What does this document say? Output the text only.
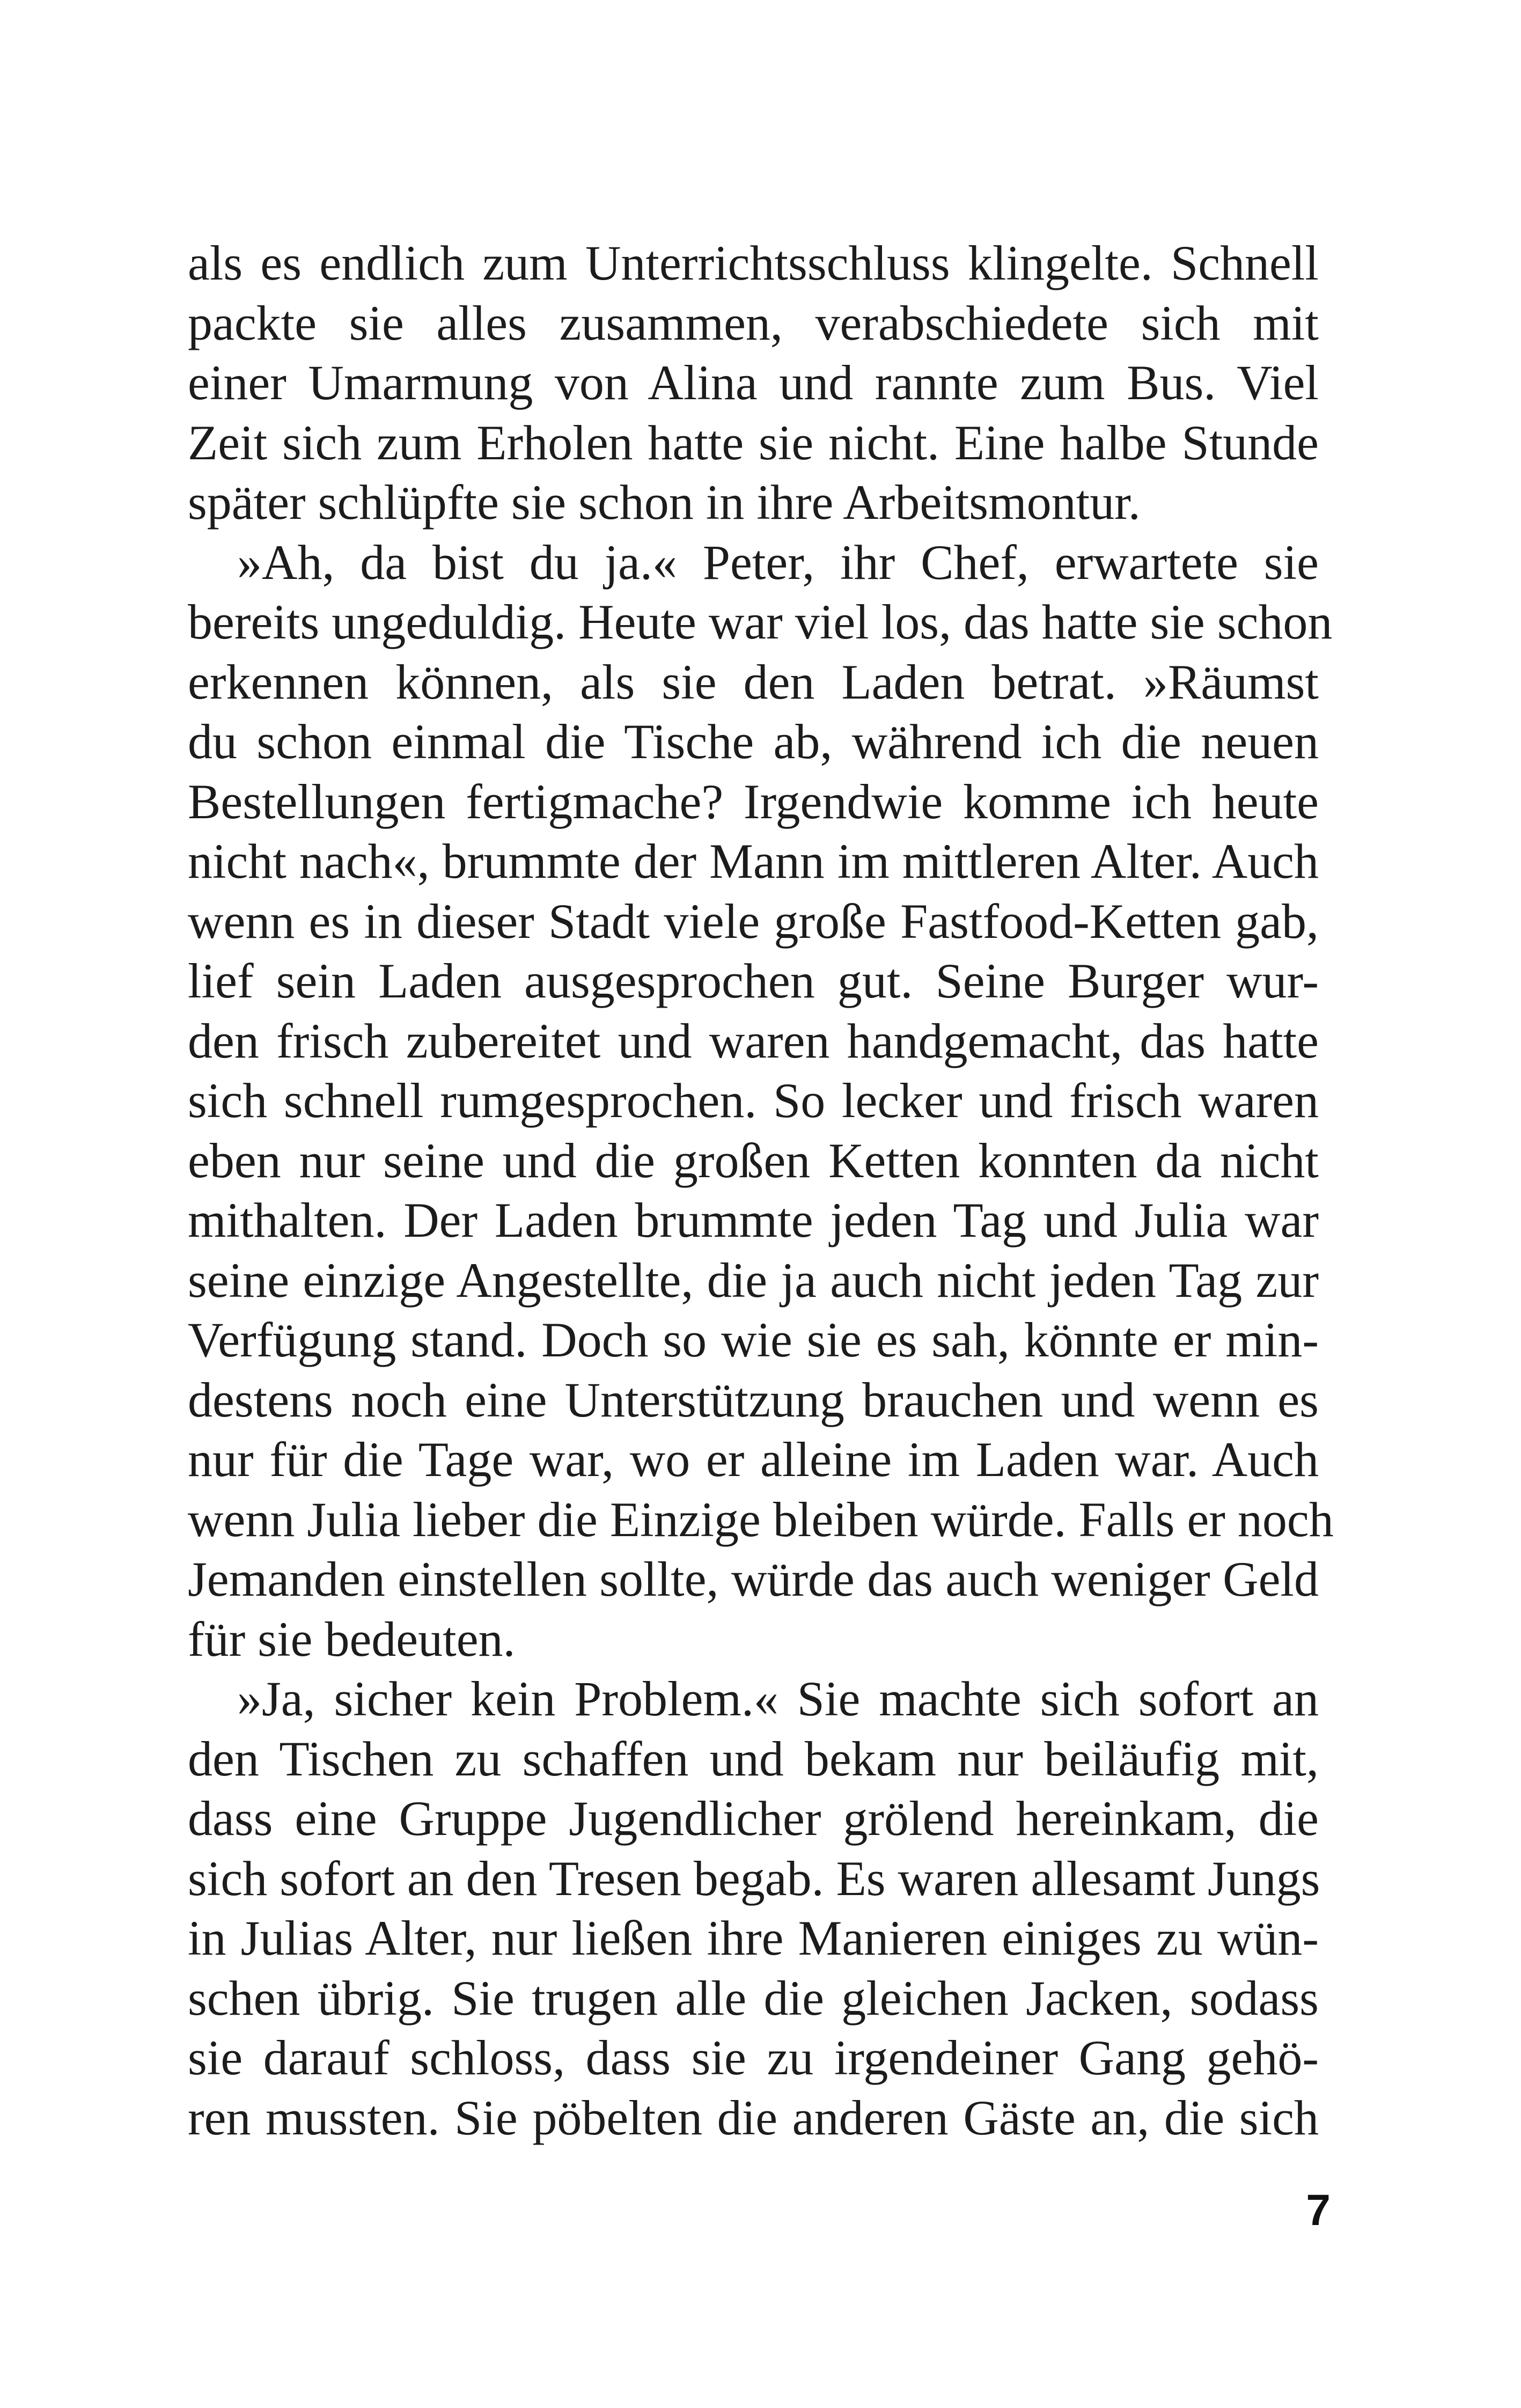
als es endlich zum Unterrichtsschluss klingelte. Schnell
packte sie alles zusammen, verabschiedete sich mit
einer Umarmung von Alina und rannte zum Bus. Viel
Zeit sich zum Erholen hatte sie nicht. Eine halbe Stunde
später schlüpfte sie schon in ihre Arbeitsmontur.
»Ah, da bist du ja.« Peter, ihr Chef, erwartete sie
bereits ungeduldig. Heute war viel los, das hatte sie schon
erkennen können, als sie den Laden betrat. »Räumst
du schon einmal die Tische ab, während ich die neuen
Bestellungen fertigmache? Irgendwie komme ich heute
nicht nach«, brummte der Mann im mittleren Alter. Auch
wenn es in dieser Stadt viele große Fastfood-Ketten gab,
lief sein Laden ausgesprochen gut. Seine Burger wur-
den frisch zubereitet und waren handgemacht, das hatte
sich schnell rumgesprochen. So lecker und frisch waren
eben nur seine und die großen Ketten konnten da nicht
mithalten. Der Laden brummte jeden Tag und Julia war
seine einzige Angestellte, die ja auch nicht jeden Tag zur
Verfügung stand. Doch so wie sie es sah, könnte er min-
destens noch eine Unterstützung brauchen und wenn es
nur für die Tage war, wo er alleine im Laden war. Auch
wenn Julia lieber die Einzige bleiben würde. Falls er noch
Jemanden einstellen sollte, würde das auch weniger Geld
für sie bedeuten.
»Ja, sicher kein Problem.« Sie machte sich sofort an
den Tischen zu schaffen und bekam nur beiläufig mit,
dass eine Gruppe Jugendlicher grölend hereinkam, die
sich sofort an den Tresen begab. Es waren allesamt Jungs
in Julias Alter, nur ließen ihre Manieren einiges zu wün-
schen übrig. Sie trugen alle die gleichen Jacken, sodass
sie darauf schloss, dass sie zu irgendeiner Gang gehö-
ren mussten. Sie pöbelten die anderen Gäste an, die sich
7
